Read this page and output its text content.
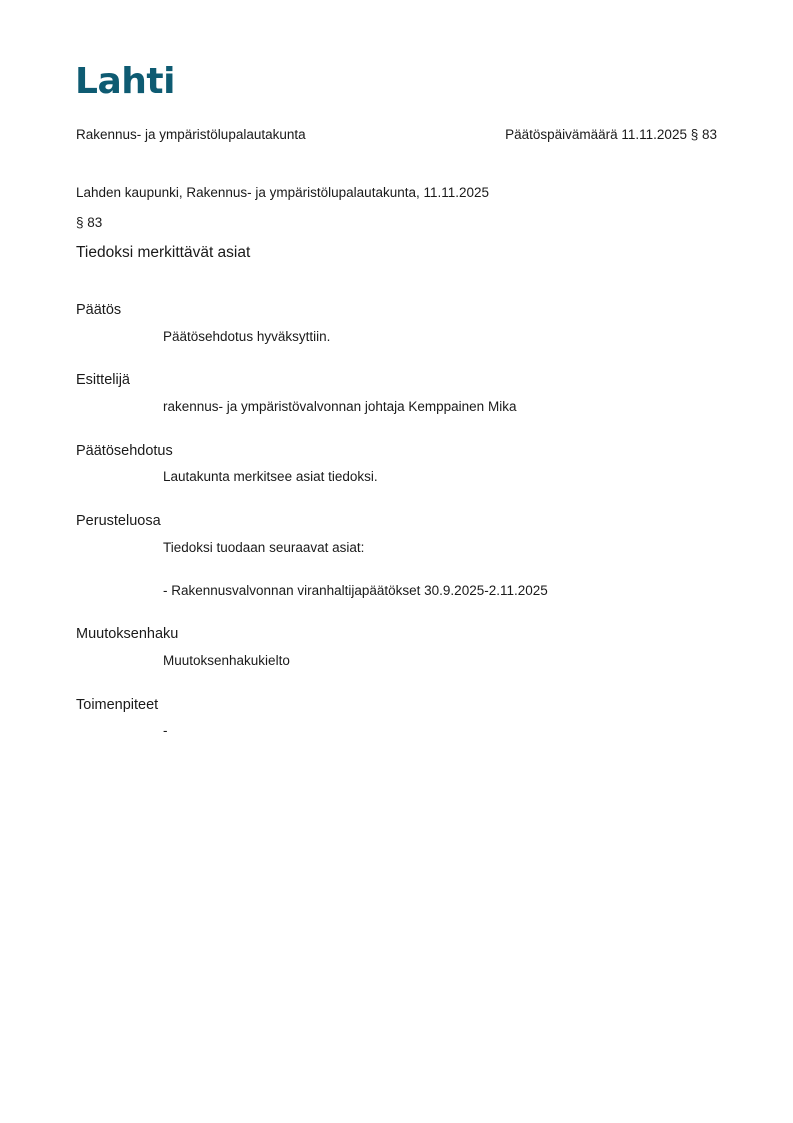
Lahti
Rakennus- ja ympäristölupalautakunta	Päätöspäivämäärä 11.11.2025 § 83
Lahden kaupunki, Rakennus- ja ympäristölupalautakunta, 11.11.2025
§ 83
Tiedoksi merkittävät asiat
Päätös
Päätösehdotus hyväksyttiin.
Esittelijä
rakennus- ja ympäristövalvonnan johtaja Kemppainen Mika
Päätösehdotus
Lautakunta merkitsee asiat tiedoksi.
Perusteluosa
Tiedoksi tuodaan seuraavat asiat:
- Rakennusvalvonnan viranhaltijapäätökset 30.9.2025-2.11.2025
Muutoksenhaku
Muutoksenhakukielto
Toimenpiteet
-
